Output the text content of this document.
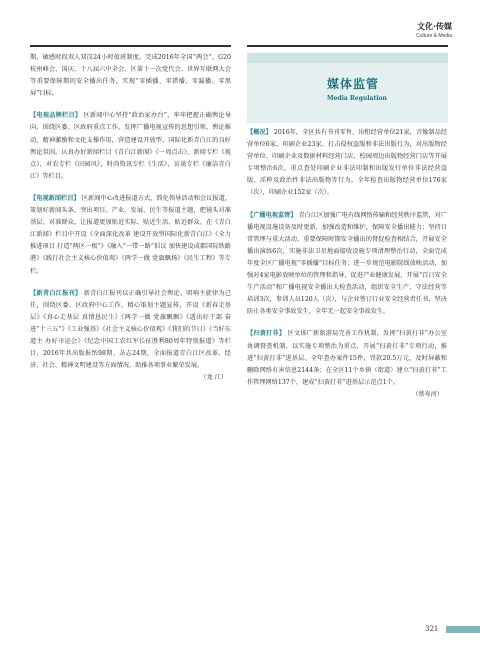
文化·传媒
Culture & Media

期、敏感时段双人双岗24小时值班制度，完成2016年全国“两会”、G20杭州峰会、国庆、十八届六中全会、区第十一次党代会、世界互联网大会等重要保障期的安全播出任务，实现“零插播、零错播、零漏播、零黑屏”目标。

【电视品牌栏目】 区新闻中心坚持“政治家办台”，牢牢把握正确舆论导向，围绕区委、区政府重点工作，发挥广播电视宣传的思想引领、舆论推动、精神激励和文化支撑作用，营造建设开放型、国际化新青白江的良好舆论氛围。认真办好新闻栏目《青白江新闻》《一周点击》，新闻专栏《视点》，对农专栏《田园风》，时尚资讯专栏《生活》，访谈专栏《廉洁青白江》等栏目。

【电视新闻栏目】 区新闻中心改进报道方式，简化领导活动和会议报道，策划好新闻头条，突出项目、产业、发展、民生等报道主题，把镜头对准基层、对准群众，让报道更加贴近实际、贴近生活、贴近群众。在《青白江新闻》栏目中开设《全面深化改革 建设开放型国际化新青白江》《全力推进项目 打造“两区一极”》《融入“一带一路”倡议 加快建设成都国际铁路港》《践行社会主义核心价值观》《两学一做 党旗飘扬》《民生工程》等专栏。

【新青白江报刊】 新青白江报刊以正确引导社会舆论、唱响主旋律为己任，围绕区委、区政府中心工作，精心策划主题宣传，开设《新春走基层》《真心走基层 真情恳民生》《两学一做 党旗飘飘》《透出好干部 奋进“十三五”》《工业强基》《社会主义核心价值观》《我们的节日》《当好东道主 办好市运会》《纪念中国工农红军长征胜利80周年特别报道》等栏目，2016年共出版报纸98期、杂志24期，全面报道青白江区改革、经济、社会、精神文明建设等方面情况，助推各项事业繁荣发展。

（龙 江）

媒体监管
Media Regulation

【概况】 2016年，全区共有书刊零售、出租经营单位21家，音像制品经营单位6家，印刷企业23家。打击侵权盗版和非法出版行为，对出版物经营单位、印刷企业及数据材料经营门店、校园周边出版物经营门店等开展专项整治6次，重点查处印刷企业非法印制和出版发行单位非法经营盗版、淫秽及政治性非法出版物等行为。全年检查出版物经营单位176家（次），印刷企业152家（次）。

【广播电视监管】 青白江区加强广电有线网络传输和经营秩序监管，对广播电视设施设备及时更新，加强改造和维护，保障安全播出能力；坚持日常管理与重大活动、重要保障时期安全播出的督促检查相结合，开展安全播出演练6次，实施非法卫星地面接收设施专项清理整治行动，全面完成年度全区广播电视“零插播”目标任务；进一步规范电影院线放映活动，加强对4家电影放映单位的管理和指导，促进产业健康发展，开展“百日安全生产活动”和广播电视安全播出大检查活动，组织安全生产、守法经营等培训3次，参训人员120人（次），与企业签订行业安全经营责任书，坚决防止各类安全事故发生，全年无一起安全事故发生。

【扫黄打非】 区文体广新旅游局完善工作机制，发挥“扫黄打非”办公室协调督查机制，以实施专项整治为重点，开展“扫黄打非”专项行动，推进“扫黄打非”进基层。全年查办案件15件，罚款20.5万元，及时屏蔽和删除网络有害信息2144条；在全区11个乡镇（街道）建立“扫黄打非”工作管理网络137个，建成“扫黄打非”进基层示范点1个。

（蔡寿河）

321
